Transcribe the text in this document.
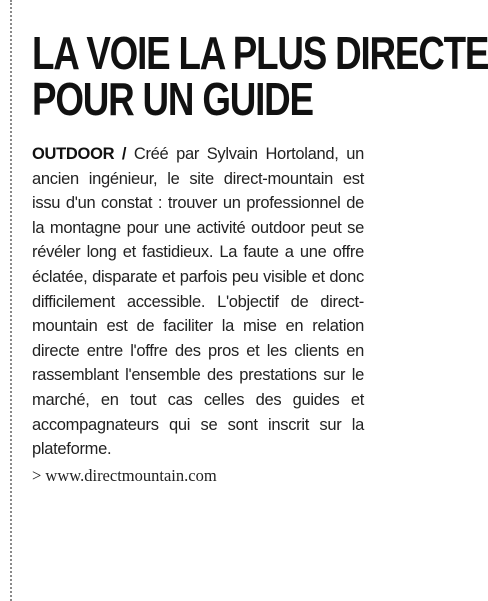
LA VOIE LA PLUS DIRECTE
POUR UN GUIDE

OUTDOOR / Créé par Sylvain Hortoland, un ancien ingénieur, le site direct-mountain est issu d'un constat : trouver un professionnel de la montagne pour une activité outdoor peut se révéler long et fastidieux. La faute a une offre éclatée, disparate et parfois peu visible et donc difficilement accessible. L'objectif de direct-mountain est de faciliter la mise en relation directe entre l'offre des pros et les clients en rassemblant l'ensemble des prestations sur le marché, en tout cas celles des guides et accompagnateurs qui se sont inscrit sur la plateforme.

> www.directmountain.com
